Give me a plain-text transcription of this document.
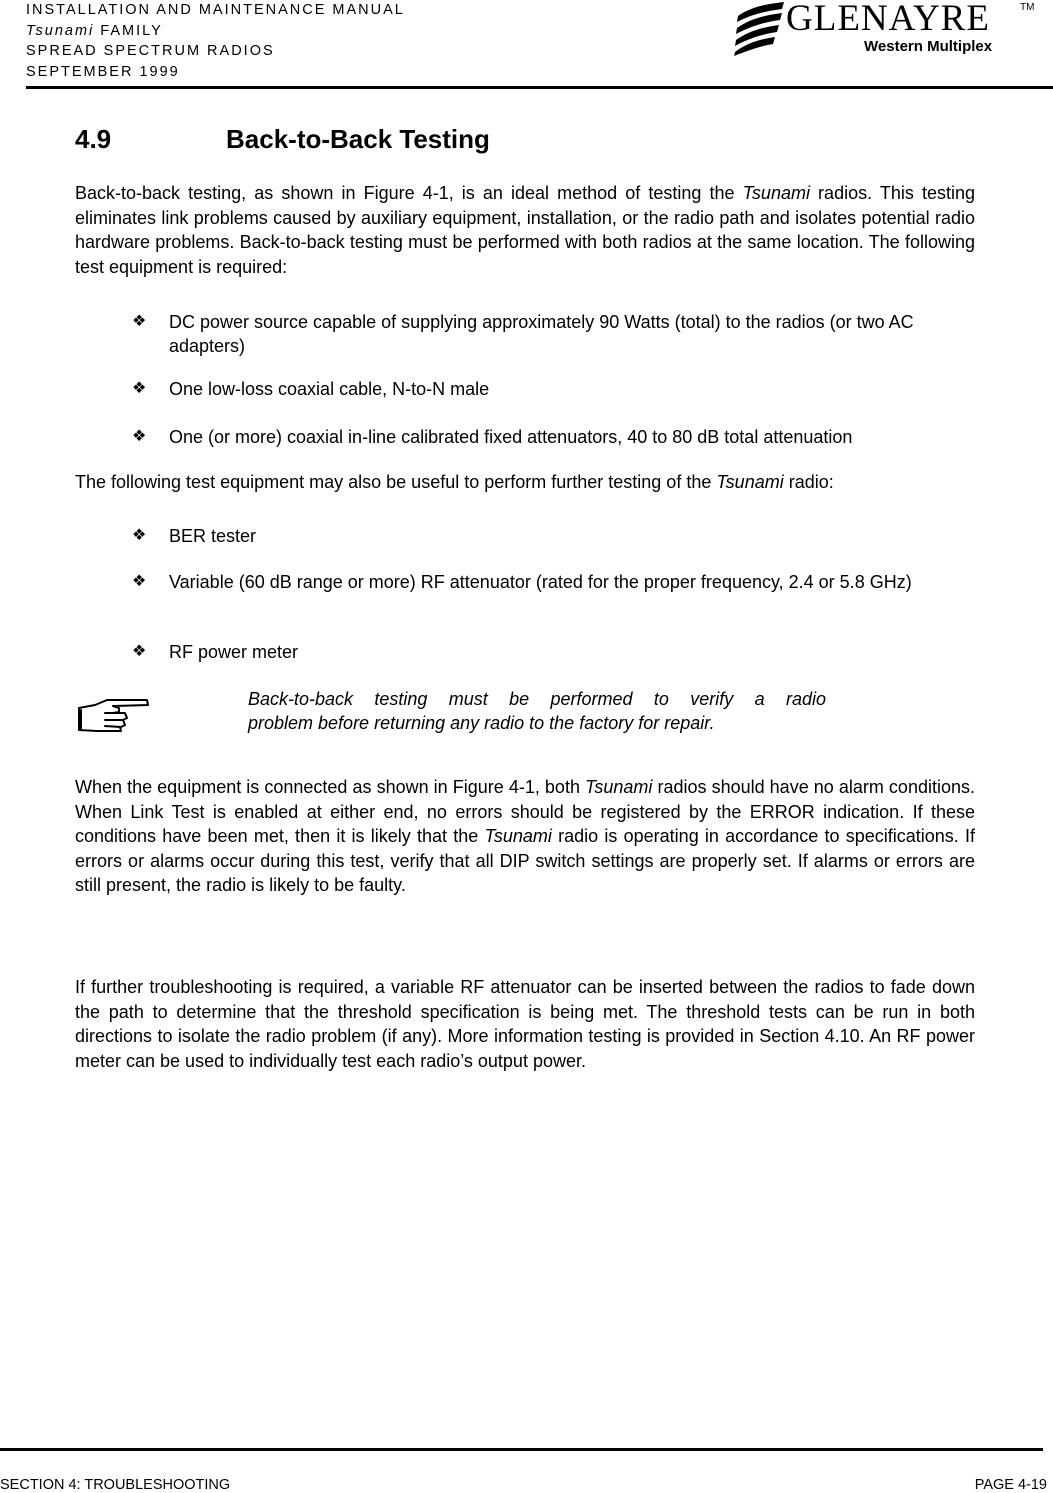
INSTALLATION AND MAINTENANCE MANUAL
Tsunami FAMILY
SPREAD SPECTRUM RADIOS
SEPTEMBER 1999
GLENAYRE	TM
Western Multiplex
4.9	Back-to-Back Testing

Back-to-back testing, as shown in Figure 4-1, is an ideal method of testing the Tsunami radios. This testing eliminates link problems caused by auxiliary equipment, installation, or the radio path and isolates potential radio hardware problems. Back-to-back testing must be performed with both radios at the same location. The following test equipment is required:

❖ DC power source capable of supplying approximately 90 Watts (total) to the radios (or two AC adapters)
❖ One low-loss coaxial cable, N-to-N male
❖ One (or more) coaxial in-line calibrated fixed attenuators, 40 to 80 dB total attenuation

The following test equipment may also be useful to perform further testing of the Tsunami radio:

❖ BER tester
❖ Variable (60 dB range or more) RF attenuator (rated for the proper frequency, 2.4 or 5.8 GHz)
❖ RF power meter
Back-to-back testing must be performed to verify a radio
problem before returning any radio to the factory for repair.

When the equipment is connected as shown in Figure 4-1, both Tsunami radios should have no alarm conditions. When Link Test is enabled at either end, no errors should be registered by the ERROR indication. If these conditions have been met, then it is likely that the Tsunami radio is operating in accordance to specifications. If errors or alarms occur during this test, verify that all DIP switch settings are properly set. If alarms or errors are still present, the radio is likely to be faulty.

If further troubleshooting is required, a variable RF attenuator can be inserted between the radios to fade down the path to determine that the threshold specification is being met. The threshold tests can be run in both directions to isolate the radio problem (if any). More information testing is provided in Section 4.10. An RF power meter can be used to individually test each radio’s output power.

SECTION 4: TROUBLESHOOTING	PAGE 4-19
